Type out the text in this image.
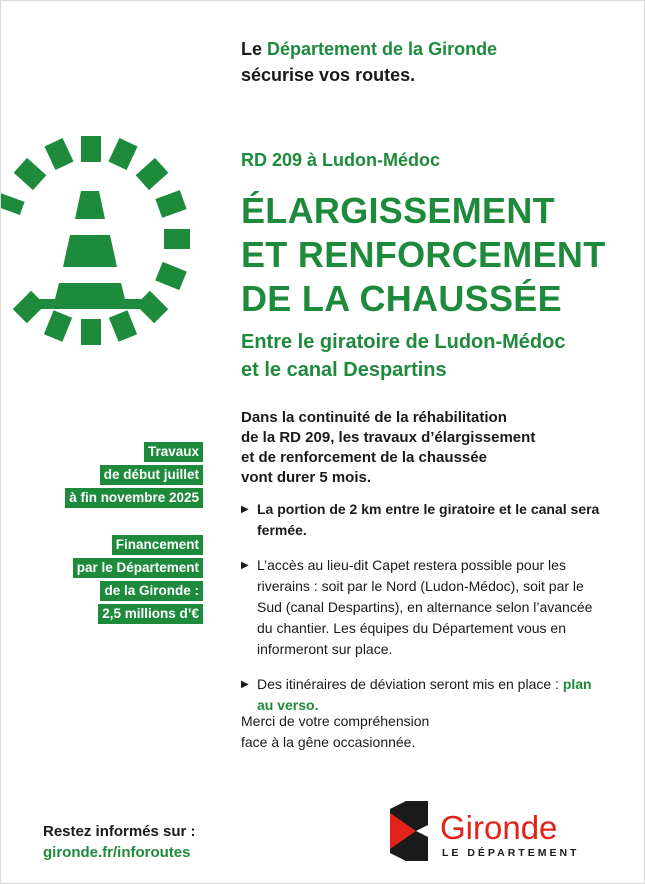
Le Département de la Gironde
sécurise vos routes.
RD 209 à Ludon-Médoc
ÉLARGISSEMENT
ET RENFORCEMENT
DE LA CHAUSSÉE
Entre le giratoire de Ludon-Médoc
et le canal Despartins
Travaux
de début juillet
à fin novembre 2025
Financement
par le Département
de la Gironde :
2,5 millions d’€
Dans la continuité de la réhabilitation
de la RD 209, les travaux d’élargissement
et de renforcement de la chaussée
vont durer 5 mois.
▶ La portion de 2 km entre le giratoire et le canal sera fermée.
▶ L’accès au lieu-dit Capet restera possible pour les riverains : soit par le Nord (Ludon-Médoc), soit par le Sud (canal Despartins), en alternance selon l’avancée du chantier. Les équipes du Département vous en informeront sur place.
▶ Des itinéraires de déviation seront mis en place : plan au verso.
Merci de votre compréhension
face à la gêne occasionnée.
Restez informés sur :
gironde.fr/inforoutes
Gironde
LE DÉPARTEMENT
